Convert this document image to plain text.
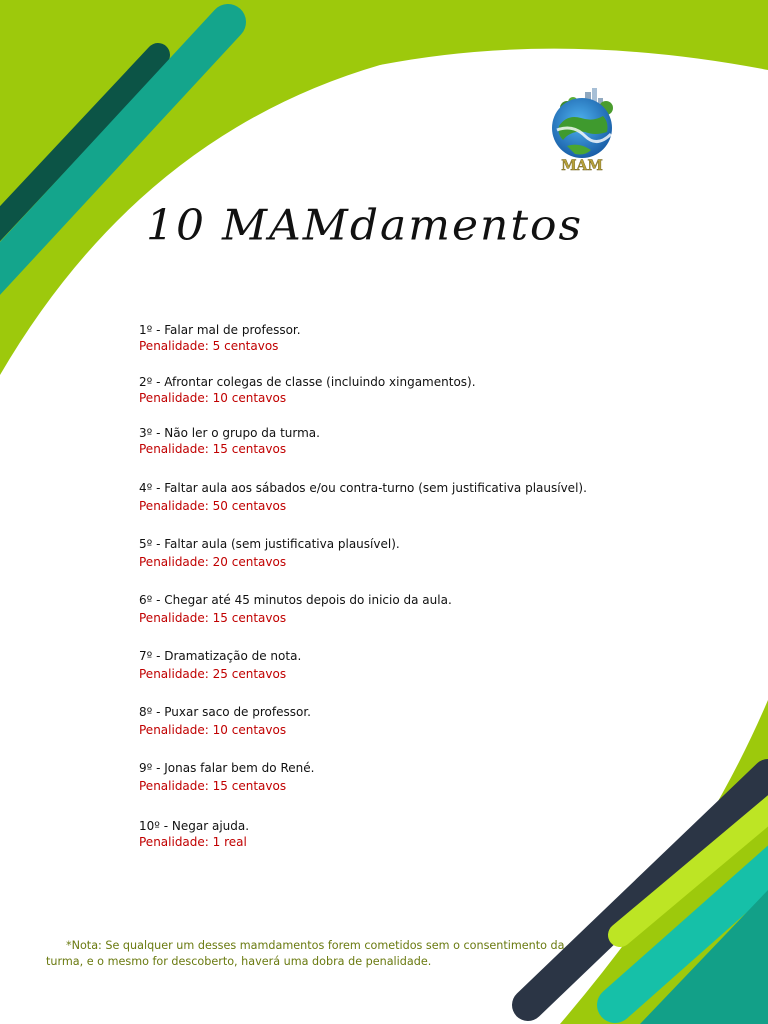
MAM
10 MAMdamentos
1º - Falar mal de professor.
Penalidade: 5 centavos
2º - Afrontar colegas de classe (incluindo xingamentos).
Penalidade: 10 centavos
3º - Não ler o grupo da turma.
Penalidade: 15 centavos
4º - Faltar aula aos sábados e/ou contra-turno (sem justificativa plausível).
Penalidade: 50 centavos
5º - Faltar aula (sem justificativa plausível).
Penalidade: 20 centavos
6º - Chegar até 45 minutos depois do inicio da aula.
Penalidade: 15 centavos
7º - Dramatização de nota.
Penalidade: 25 centavos
8º - Puxar saco de professor.
Penalidade: 10 centavos
9º - Jonas falar bem do René.
Penalidade: 15 centavos
10º - Negar ajuda.
Penalidade: 1 real
*Nota: Se qualquer um desses mamdamentos forem cometidos sem o consentimento da turma, e o mesmo for descoberto, haverá uma dobra de penalidade.
